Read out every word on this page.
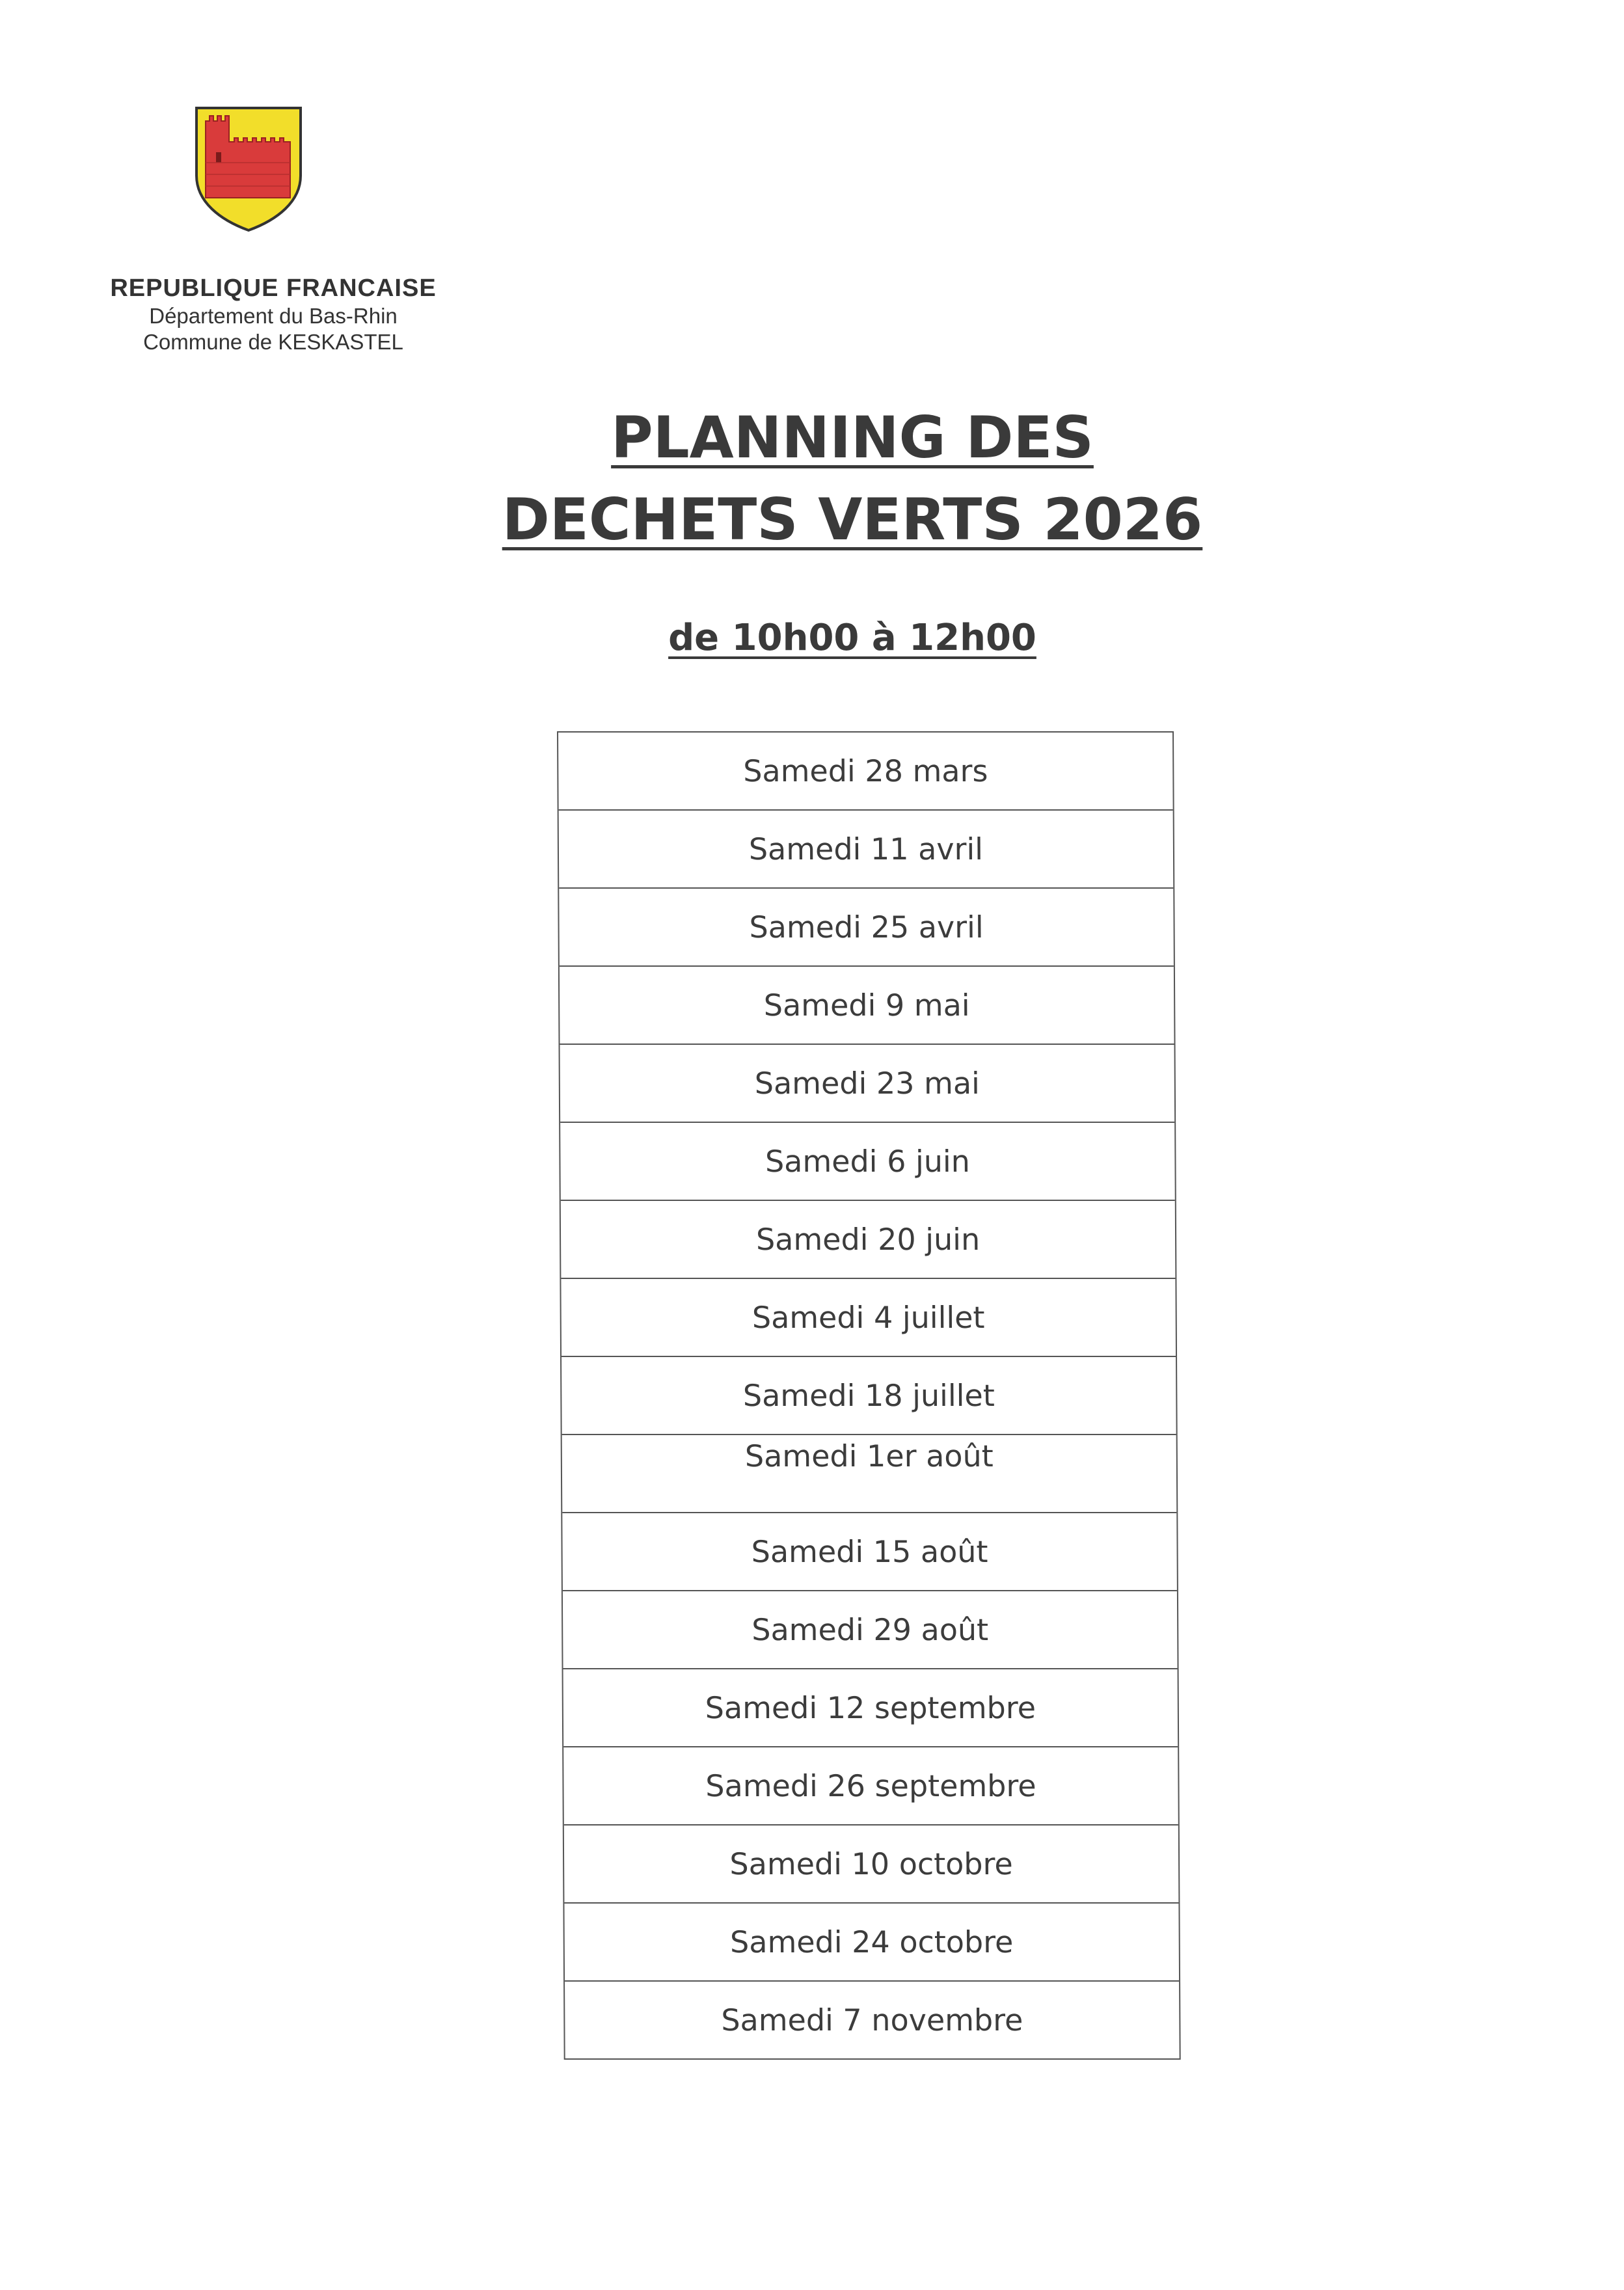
REPUBLIQUE FRANCAISE

Département du Bas-Rhin

Commune de KESKASTEL

PLANNING DES
DECHETS VERTS 2026
de 10h00 à 12h00
Samedi 28 mars
Samedi 11 avril
Samedi 25 avril
Samedi 9 mai
Samedi 23 mai
Samedi 6 juin
Samedi 20 juin
Samedi 4 juillet
Samedi 18 juillet
Samedi 1er août
Samedi 15 août
Samedi 29 août
Samedi 12 septembre
Samedi 26 septembre
Samedi 10 octobre
Samedi 24 octobre
Samedi 7 novembre
